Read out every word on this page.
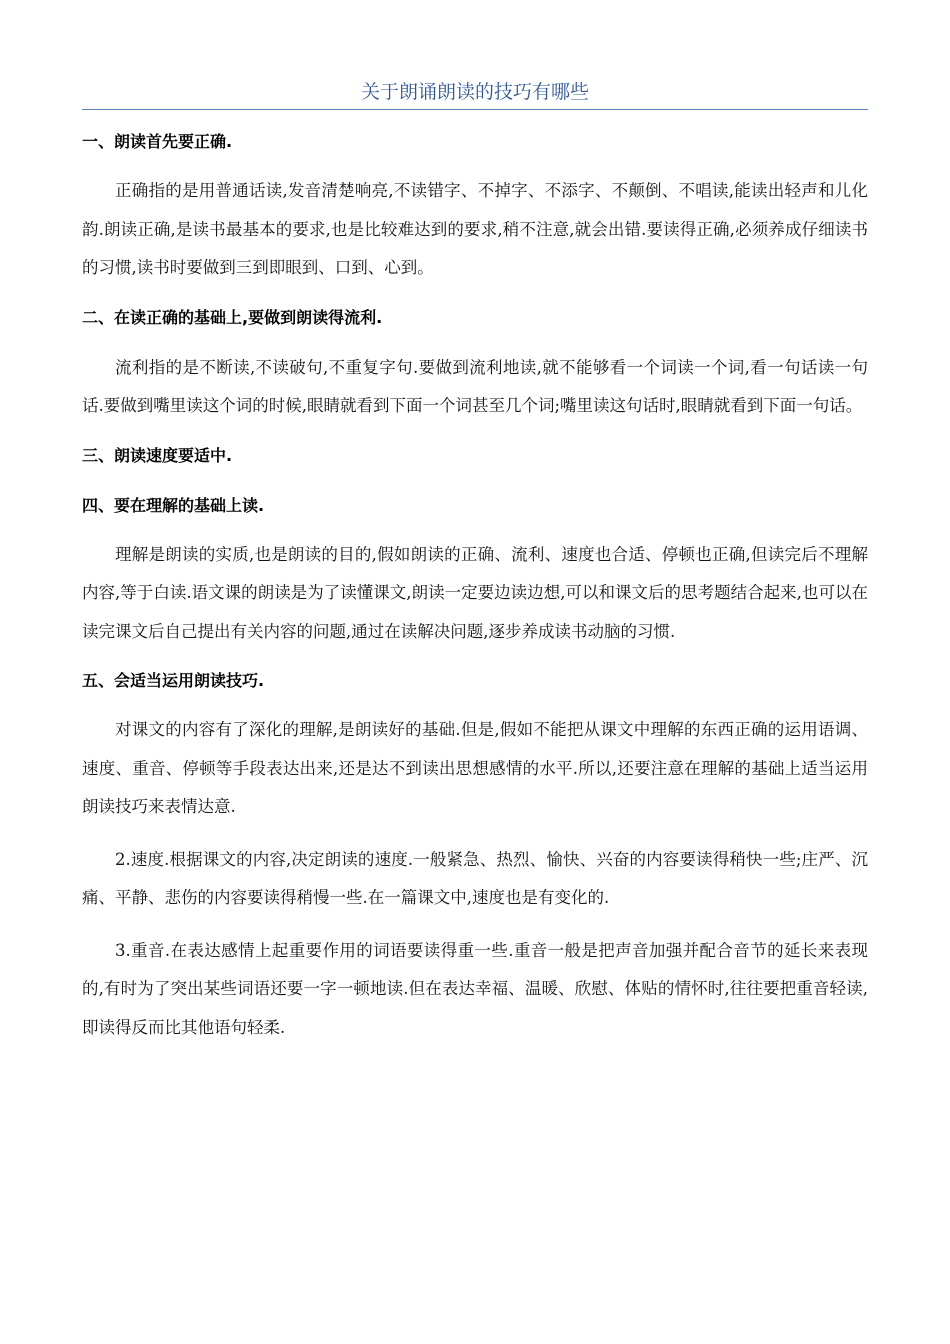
关于朗诵朗读的技巧有哪些
一、朗读首先要正确.

正确指的是用普通话读,发音清楚响亮,不读错字、不掉字、不添字、不颠倒、不唱读,能读出轻声和儿化韵.朗读正确,是读书最基本的要求,也是比较难达到的要求,稍不注意,就会出错.要读得正确,必须养成仔细读书的习惯,读书时要做到三到即眼到、口到、心到。

二、在读正确的基础上,要做到朗读得流利.

流利指的是不断读,不读破句,不重复字句.要做到流利地读,就不能够看一个词读一个词,看一句话读一句话.要做到嘴里读这个词的时候,眼睛就看到下面一个词甚至几个词;嘴里读这句话时,眼睛就看到下面一句话。

三、朗读速度要适中.
四、要在理解的基础上读.

理解是朗读的实质,也是朗读的目的,假如朗读的正确、流利、速度也合适、停顿也正确,但读完后不理解内容,等于白读.语文课的朗读是为了读懂课文,朗读一定要边读边想,可以和课文后的思考题结合起来,也可以在读完课文后自己提出有关内容的问题,通过在读解决问题,逐步养成读书动脑的习惯.

五、会适当运用朗读技巧.

对课文的内容有了深化的理解,是朗读好的基础.但是,假如不能把从课文中理解的东西正确的运用语调、速度、重音、停顿等手段表达出来,还是达不到读出思想感情的水平.所以,还要注意在理解的基础上适当运用朗读技巧来表情达意.

2.速度.根据课文的内容,决定朗读的速度.一般紧急、热烈、愉快、兴奋的内容要读得稍快一些;庄严、沉痛、平静、悲伤的内容要读得稍慢一些.在一篇课文中,速度也是有变化的.

3.重音.在表达感情上起重要作用的词语要读得重一些.重音一般是把声音加强并配合音节的延长来表现的,有时为了突出某些词语还要一字一顿地读.但在表达幸福、温暖、欣慰、体贴的情怀时,往往要把重音轻读,即读得反而比其他语句轻柔.
